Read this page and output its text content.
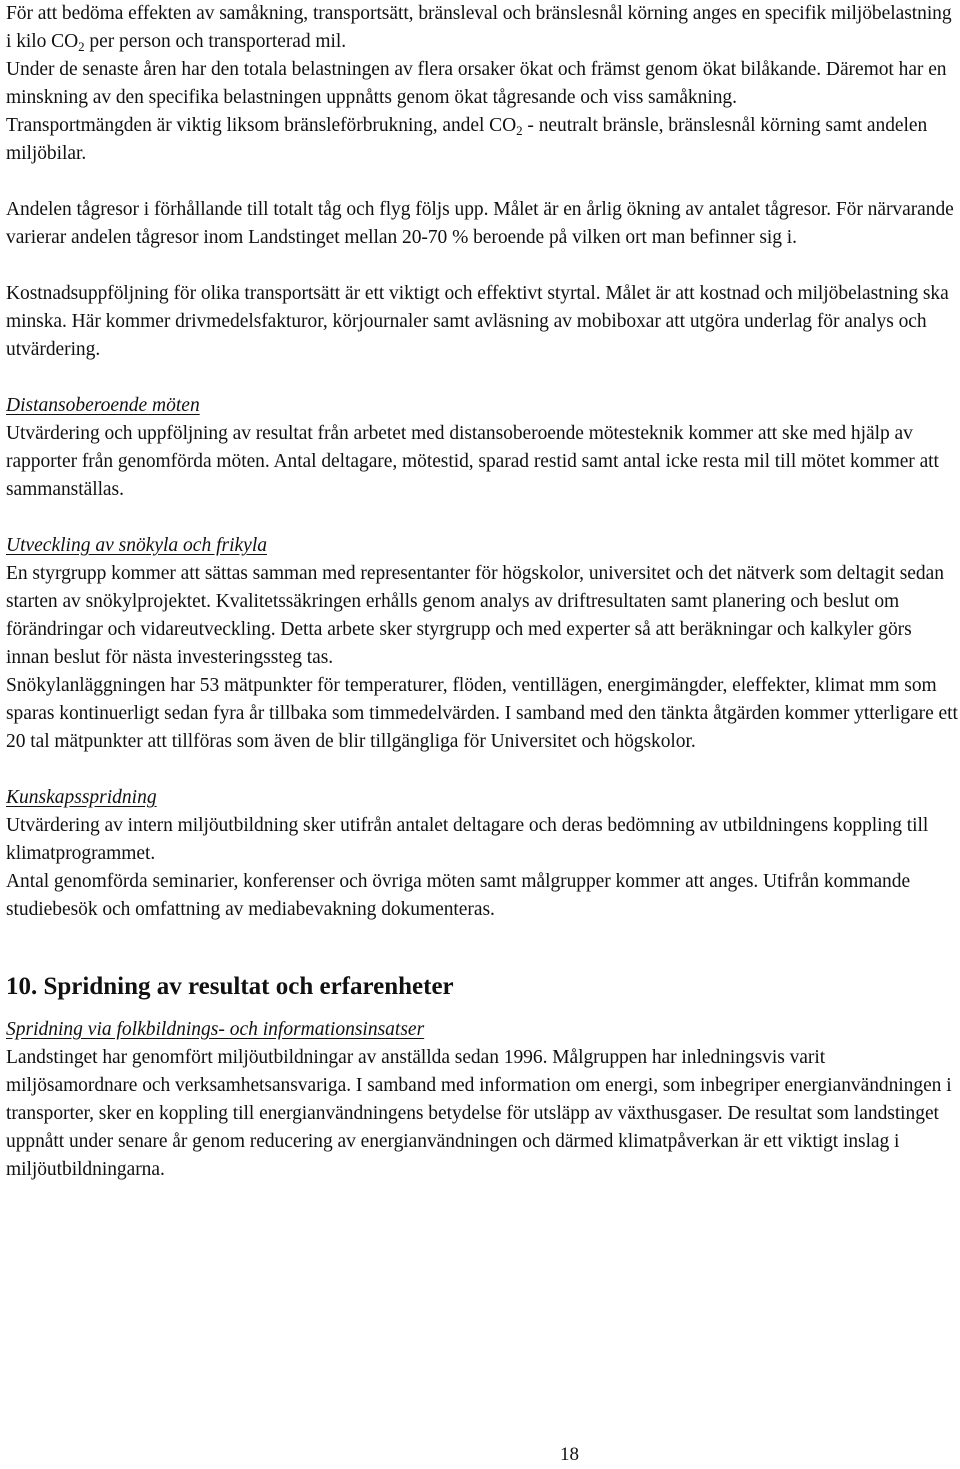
För att bedöma effekten av samåkning, transportsätt, bränsleval och bränslesnål körning anges en specifik miljöbelastning i kilo $CO_2$ per person och transporterad mil.

Under de senaste åren har den totala belastningen av flera orsaker ökat och främst genom ökat bilåkande. Däremot har en minskning av den specifika belastningen uppnåtts genom ökat tågresande och viss samåkning.

Transportmängden är viktig liksom bränsleförbrukning, andel $CO_2$ - neutralt bränsle, bränslesnål körning samt andelen miljöbilar.

Andelen tågresor i förhållande till totalt tåg och flyg följs upp. Målet är en årlig ökning av antalet tågresor. För närvarande varierar andelen tågresor inom Landstinget mellan 20-70 % beroende på vilken ort man befinner sig i.

Kostnadsuppföljning för olika transportsätt är ett viktigt och effektivt styrtal. Målet är att kostnad och miljöbelastning ska minska. Här kommer drivmedelsfakturor, körjournaler samt avläsning av mobiboxar att utgöra underlag för analys och utvärdering.

Distansoberoende möten

Utvärdering och uppföljning av resultat från arbetet med distansoberoende mötesteknik kommer att ske med hjälp av rapporter från genomförda möten. Antal deltagare, mötestid, sparad restid samt antal icke resta mil till mötet kommer att sammanställas.

Utveckling av snökyla och frikyla

En styrgrupp kommer att sättas samman med representanter för högskolor, universitet och det nätverk som deltagit sedan starten av snökylprojektet. Kvalitetssäkringen erhålls genom analys av driftresultaten samt planering och beslut om förändringar och vidareutveckling. Detta arbete sker styrgrupp och med experter så att beräkningar och kalkyler görs innan beslut för nästa investeringssteg tas.

Snökylanläggningen har 53 mätpunkter för temperaturer, flöden, ventillägen, energimängder, eleffekter, klimat mm som sparas kontinuerligt sedan fyra år tillbaka som timmedelvärden. I samband med den tänkta åtgärden kommer ytterligare ett 20 tal mätpunkter att tillföras som även de blir tillgängliga för Universitet och högskolor.

Kunskapsspridning

Utvärdering av intern miljöutbildning sker utifrån antalet deltagare och deras bedömning av utbildningens koppling till klimatprogrammet.

Antal genomförda seminarier, konferenser och övriga möten samt målgrupper kommer att anges. Utifrån kommande studiebesök och omfattning av mediabevakning dokumenteras.

10. Spridning av resultat och erfarenheter

Spridning via folkbildnings- och informationsinsatser

Landstinget har genomfört miljöutbildningar av anställda sedan 1996. Målgruppen har inledningsvis varit miljösamordnare och verksamhetsansvariga. I samband med information om energi, som inbegriper energianvändningen i transporter, sker en koppling till energianvändningens betydelse för utsläpp av växthusgaser. De resultat som landstinget uppnått under senare år genom reducering av energianvändningen och därmed klimatpåverkan är ett viktigt inslag i miljöutbildningarna.

18
